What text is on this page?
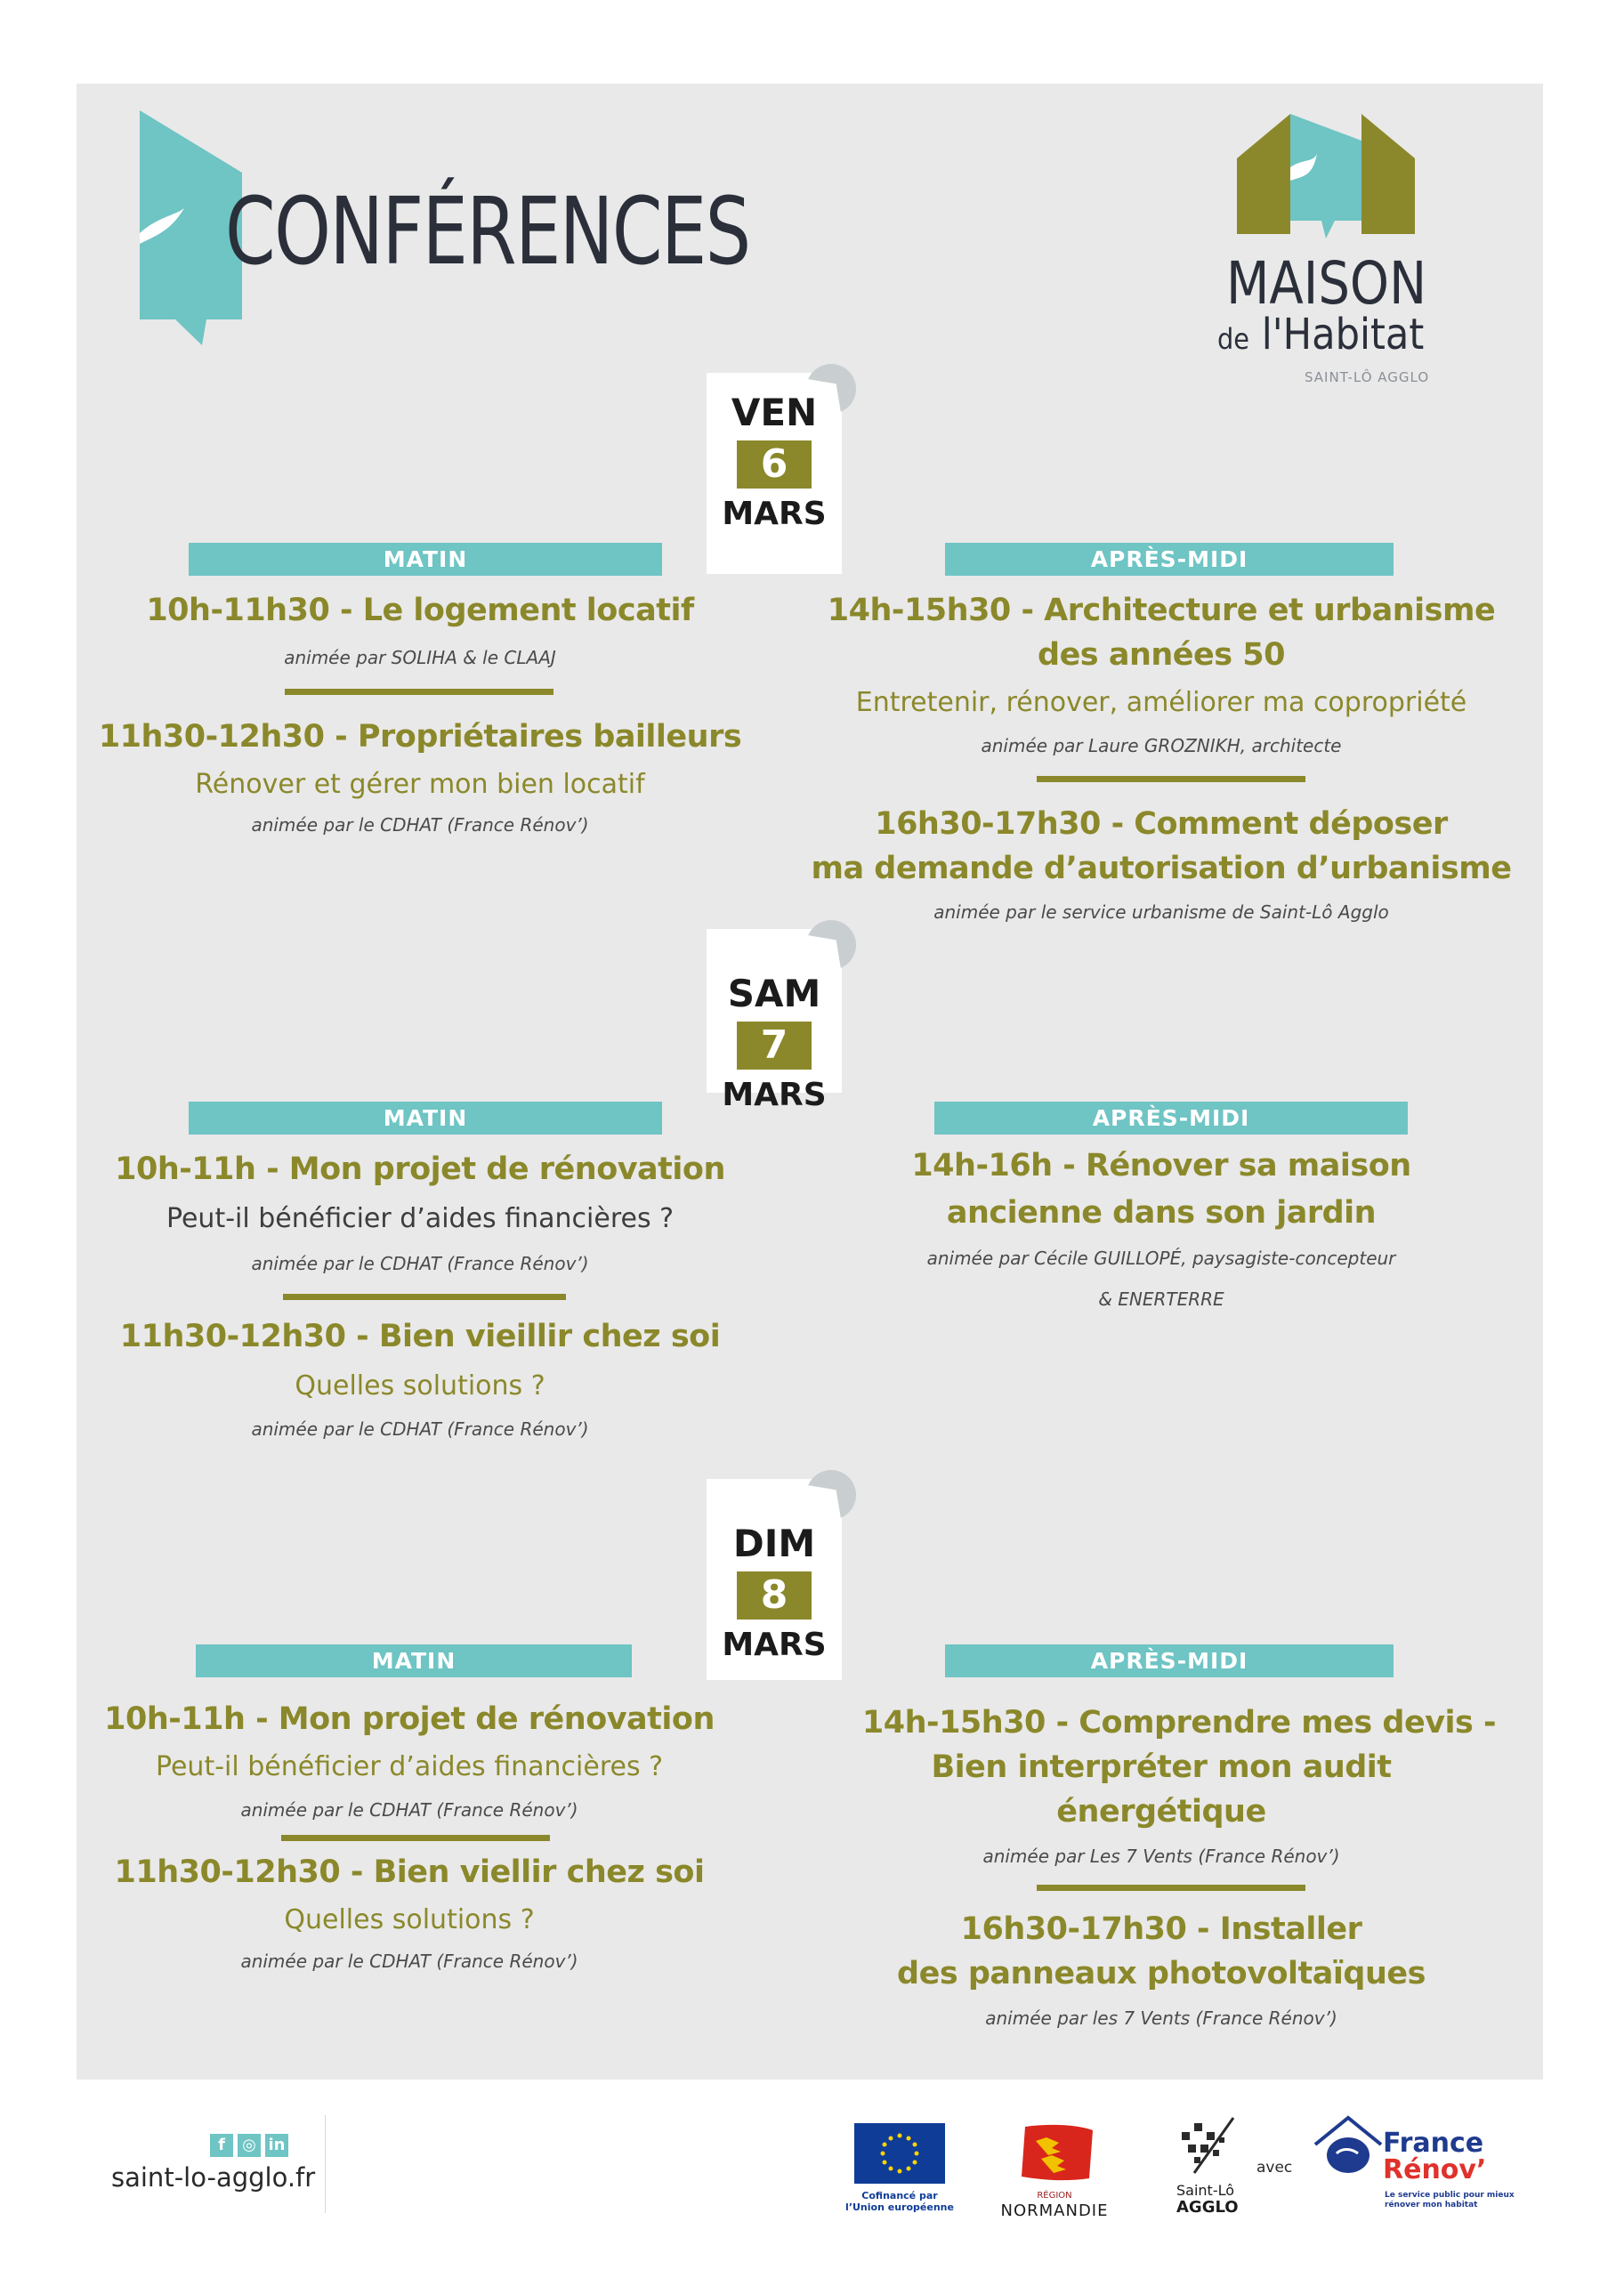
CONFÉRENCES	MAISON
de l'Habitat
SAINT-LÔ AGGLO
VEN
6
MARS
MATIN	APRÈS-MIDI
10h-11h30 - Le logement locatif
animée par SOLIHA & le CLAAJ
11h30-12h30 - Propriétaires bailleurs
Rénover et gérer mon bien locatif
animée par le CDHAT (France Rénov’)
14h-15h30 - Architecture et urbanisme
des années 50
Entretenir, rénover, améliorer ma copropriété
animée par Laure GROZNIKH, architecte
16h30-17h30 - Comment déposer
ma demande d’autorisation d’urbanisme
animée par le service urbanisme de Saint-Lô Agglo
SAM
7
MARS
MATIN	APRÈS-MIDI
10h-11h - Mon projet de rénovation
Peut-il bénéficier d’aides financières ?
animée par le CDHAT (France Rénov’)
11h30-12h30 - Bien vieillir chez soi
Quelles solutions ?
animée par le CDHAT (France Rénov’)
14h-16h - Rénover sa maison
ancienne dans son jardin
animée par Cécile GUILLOPÉ, paysagiste-concepteur
& ENERTERRE
DIM
8
MARS
MATIN	APRÈS-MIDI
10h-11h - Mon projet de rénovation
Peut-il bénéficier d’aides financières ?
animée par le CDHAT (France Rénov’)
11h30-12h30 - Bien viellir chez soi
Quelles solutions ?
animée par le CDHAT (France Rénov’)
14h-15h30 - Comprendre mes devis -
Bien interpréter mon audit
énergétique
animée par Les 7 Vents (France Rénov’)
16h30-17h30 - Installer
des panneaux photovoltaïques
animée par les 7 Vents (France Rénov’)
f	◎ in
saint-lo-agglo.fr
Cofinancé par
l’Union européenne
RÉGION
NORMANDIE
Saint-Lô
AGGLO
avec
France
Rénov’
Le service public pour mieux rénover mon habitat
